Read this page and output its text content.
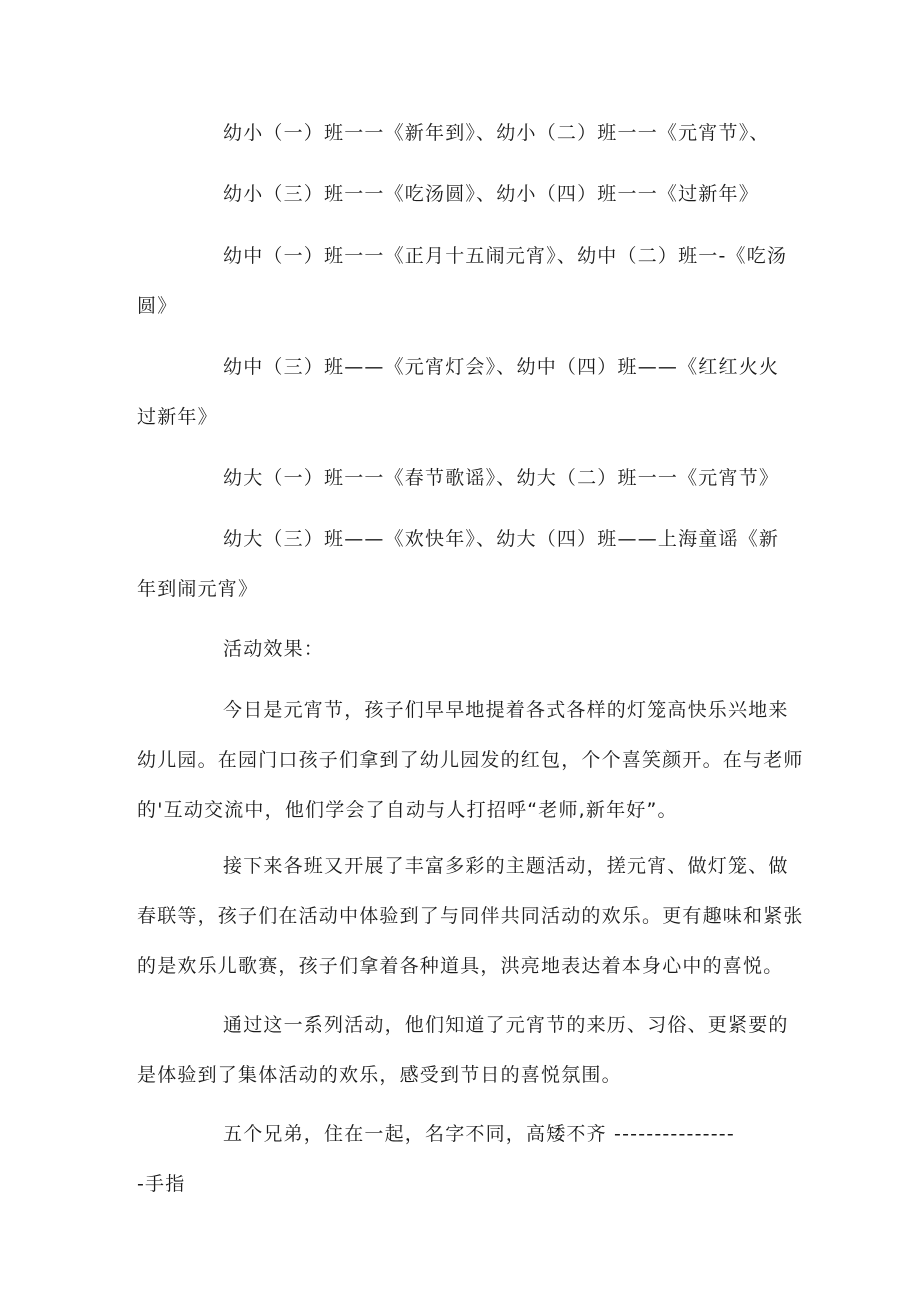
幼小（一）班一一《新年到》、幼小（二）班一一《元宵节》、
幼小（三）班一一《吃汤圆》、幼小（四）班一一《过新年》
幼中（一）班一一《正月十五闹元宵》、幼中（二）班一-《吃汤
圆》
幼中（三）班——《元宵灯会》、幼中（四）班——《红红火火
过新年》
幼大（一）班一一《春节歌谣》、幼大（二）班一一《元宵节》
幼大（三）班——《欢快年》、幼大（四）班——上海童谣《新
年到闹元宵》
活动效果：
今日是元宵节，孩子们早早地提着各式各样的灯笼高快乐兴地来
幼儿园。在园门口孩子们拿到了幼儿园发的红包，个个喜笑颜开。在与老师
的'互动交流中，他们学会了自动与人打招呼“老师,新年好”。
接下来各班又开展了丰富多彩的主题活动，搓元宵、做灯笼、做
春联等，孩子们在活动中体验到了与同伴共同活动的欢乐。更有趣味和紧张
的是欢乐儿歌赛，孩子们拿着各种道具，洪亮地表达着本身心中的喜悦。
通过这一系列活动，他们知道了元宵节的来历、习俗、更紧要的
是体验到了集体活动的欢乐，感受到节日的喜悦氛围。
五个兄弟，住在一起，名字不同，高矮不齐 ---------------
-手指
